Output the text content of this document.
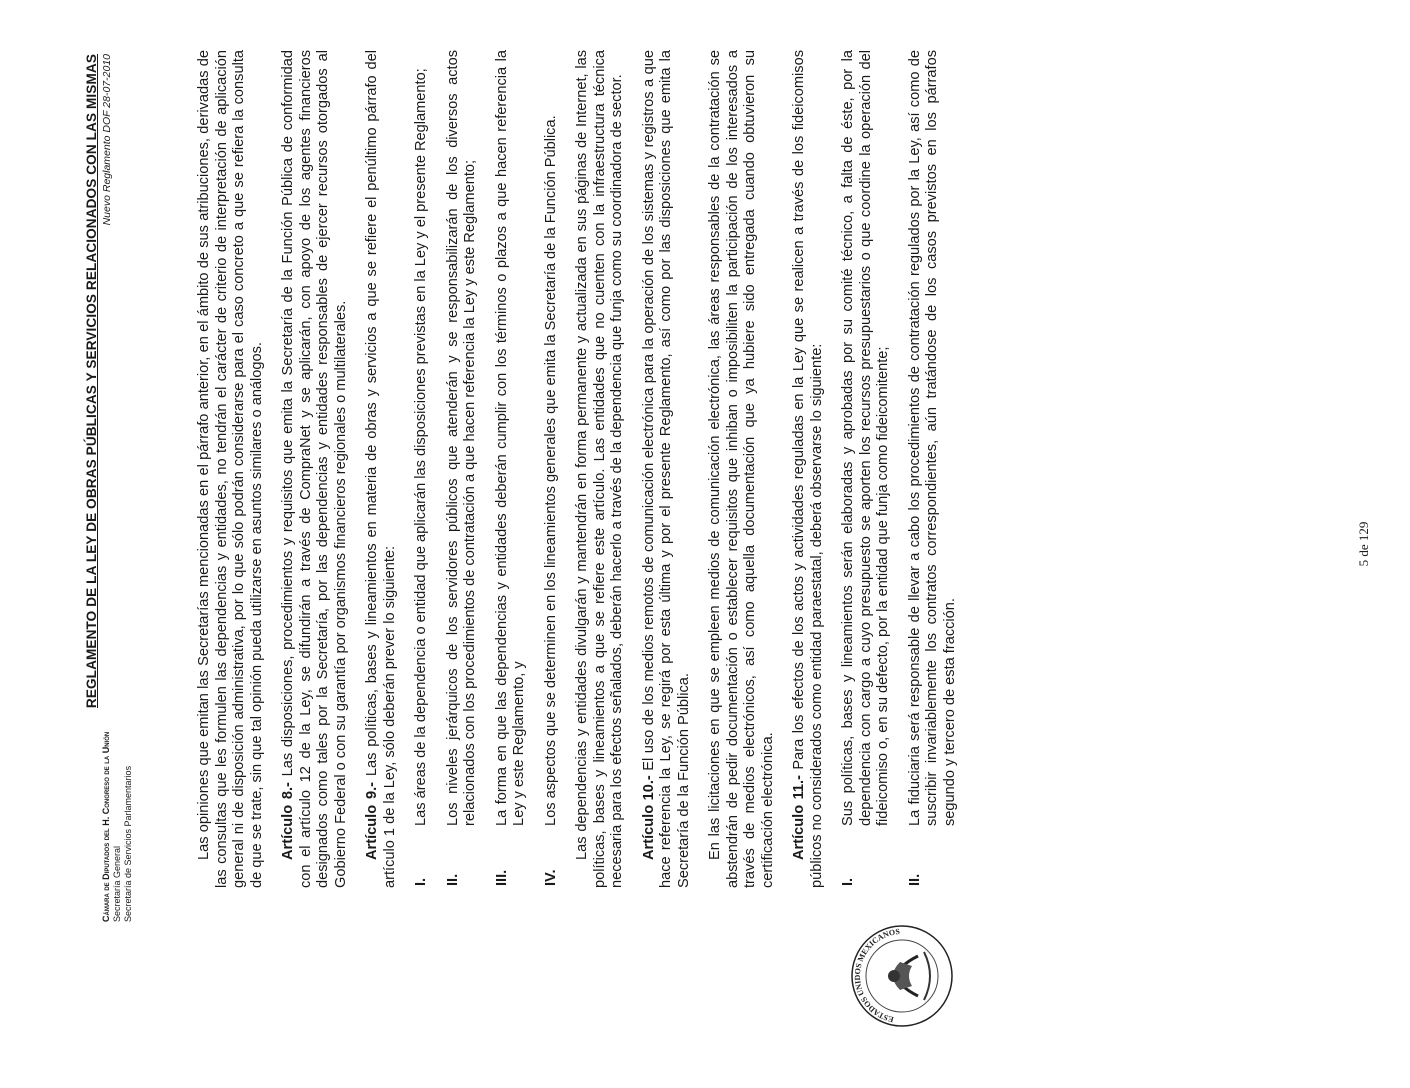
ESTADOS UNIDOS MEXICANOS
REGLAMENTO DE LA LEY DE OBRAS PÚBLICAS Y SERVICIOS RELACIONADOS CON LAS MISMAS
Cámara de Diputados del H. Congreso de la Unión Secretaría General Secretaría de Servicios Parlamentarios
Nuevo Reglamento DOF 28-07-2010	Las opiniones que emitan las Secretarías mencionadas en el párrafo anterior, en el ámbito de sus atribuciones, derivadas de las consultas que les formulen las dependencias y entidades, no tendrán el carácter de criterio de interpretación de aplicación general ni de disposición administrativa, por lo que sólo podrán considerarse para el caso concreto a que se refiera la consulta de que se trate, sin que tal opinión pueda utilizarse en asuntos similares o análogos. Artículo 8.- Las disposiciones, procedimientos y requisitos que emita la Secretaría de la Función Pública de conformidad con el artículo 12 de la Ley, se difundirán a través de CompraNet y se aplicarán, con apoyo de los agentes financieros designados como tales por la Secretaría, por las dependencias y entidades responsables de ejercer recursos otorgados al Gobierno Federal o con su garantía por organismos financieros regionales o multilaterales. Artículo 9.- Las políticas, bases y lineamientos en materia de obras y servicios a que se refiere el penúltimo párrafo del artículo 1 de la Ley, sólo deberán prever lo siguiente: I.
Las áreas de la dependencia o entidad que aplicarán las disposiciones previstas en la Ley y el presente Reglamento;
II.
Los niveles jerárquicos de los servidores públicos que atenderán y se responsabilizarán de los diversos actos relacionados con los procedimientos de contratación a que hacen referencia la Ley y este Reglamento;
III.
La forma en que las dependencias y entidades deberán cumplir con los términos o plazos a que hacen referencia la Ley y este Reglamento, y
IV.
Los aspectos que se determinen en los lineamientos generales que emita la Secretaría de la Función Pública. Las dependencias y entidades divulgarán y mantendrán en forma permanente y actualizada en sus páginas de Internet, las políticas, bases y lineamientos a que se refiere este artículo. Las entidades que no cuenten con la infraestructura técnica necesaria para los efectos señalados, deberán hacerlo a través de la dependencia que funja como su coordinadora de sector. Artículo 10.- El uso de los medios remotos de comunicación electrónica para la operación de los sistemas y registros a que hace referencia la Ley, se regirá por esta última y por el presente Reglamento, así como por las disposiciones que emita la Secretaría de la Función Pública. En las licitaciones en que se empleen medios de comunicación electrónica, las áreas responsables de la contratación se abstendrán de pedir documentación o establecer requisitos que inhiban o imposibiliten la participación de los interesados a través de medios electrónicos, así como aquella documentación que ya hubiere sido entregada cuando obtuvieron su certificación electrónica. Artículo 11.- Para los efectos de los actos y actividades reguladas en la Ley que se realicen a través de los fideicomisos públicos no considerados como entidad paraestatal, deberá observarse lo siguiente: I.
Sus políticas, bases y lineamientos serán elaboradas y aprobadas por su comité técnico, a falta de éste, por la dependencia con cargo a cuyo presupuesto se aporten los recursos presupuestarios o que coordine la operación del fideicomiso o, en su defecto, por la entidad que funja como fideicomitente;
II.
La fiduciaria será responsable de llevar a cabo los procedimientos de contratación regulados por la Ley, así como de suscribir invariablemente los contratos correspondientes, aún tratándose de los casos previstos en los párrafos segundo y tercero de esta fracción.
5 de 129
